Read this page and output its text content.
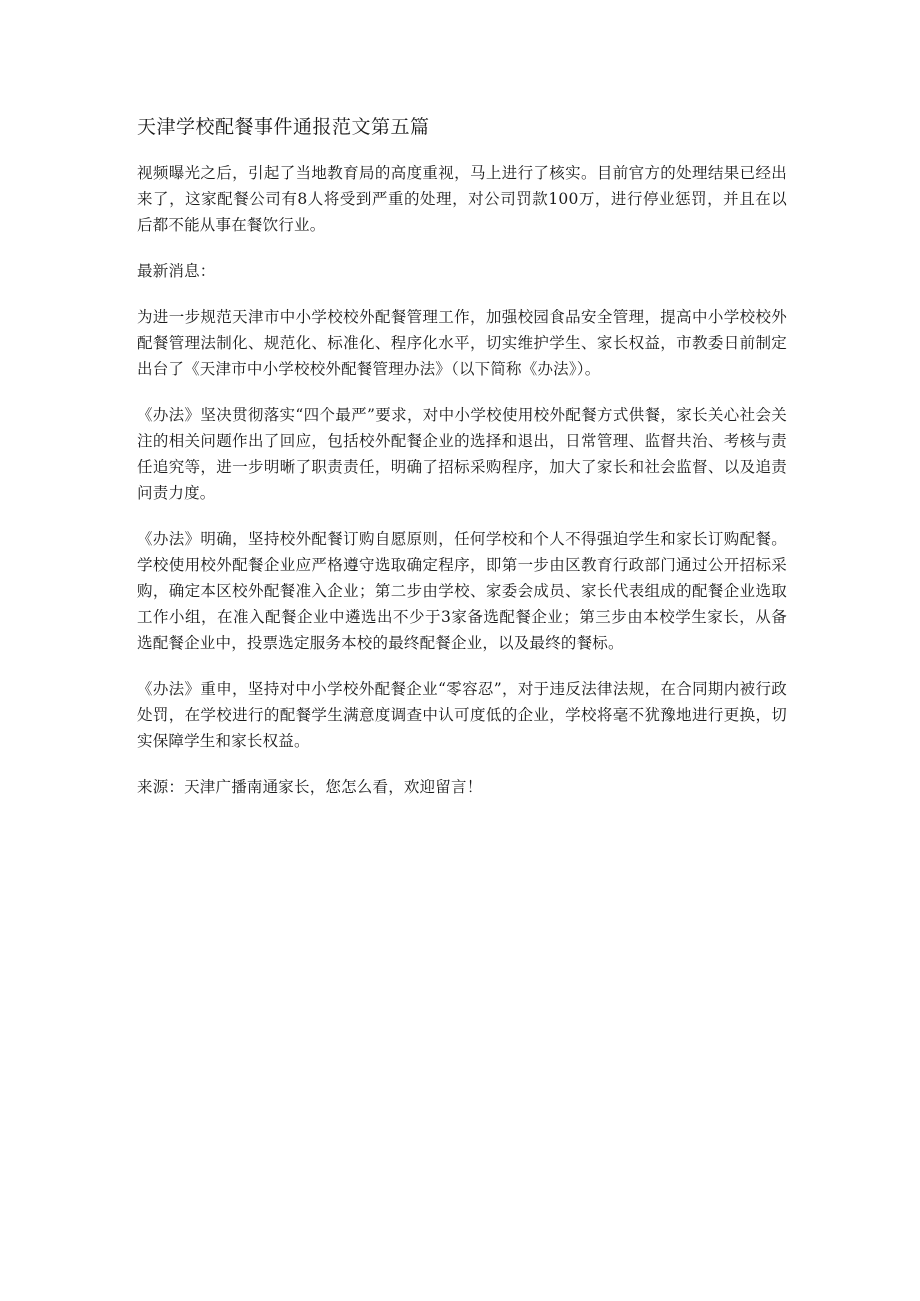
天津学校配餐事件通报范文第五篇

视频曝光之后，引起了当地教育局的高度重视，马上进行了核实。目前官方的处理结果已经出来了，这家配餐公司有8人将受到严重的处理，对公司罚款100万，进行停业惩罚，并且在以后都不能从事在餐饮行业。

最新消息：

为进一步规范天津市中小学校校外配餐管理工作，加强校园食品安全管理，提高中小学校校外配餐管理法制化、规范化、标准化、程序化水平，切实维护学生、家长权益，市教委日前制定出台了《天津市中小学校校外配餐管理办法》（以下简称《办法》）。

《办法》坚决贯彻落实“四个最严”要求，对中小学校使用校外配餐方式供餐，家长关心社会关注的相关问题作出了回应，包括校外配餐企业的选择和退出，日常管理、监督共治、考核与责任追究等，进一步明晰了职责责任，明确了招标采购程序，加大了家长和社会监督、以及追责问责力度。

《办法》明确，坚持校外配餐订购自愿原则，任何学校和个人不得强迫学生和家长订购配餐。学校使用校外配餐企业应严格遵守选取确定程序，即第一步由区教育行政部门通过公开招标采购，确定本区校外配餐准入企业；第二步由学校、家委会成员、家长代表组成的配餐企业选取工作小组，在准入配餐企业中遴选出不少于3家备选配餐企业；第三步由本校学生家长，从备选配餐企业中，投票选定服务本校的最终配餐企业，以及最终的餐标。

《办法》重申，坚持对中小学校外配餐企业“零容忍”，对于违反法律法规，在合同期内被行政处罚，在学校进行的配餐学生满意度调查中认可度低的企业，学校将毫不犹豫地进行更换，切实保障学生和家长权益。

来源：天津广播南通家长，您怎么看，欢迎留言！
